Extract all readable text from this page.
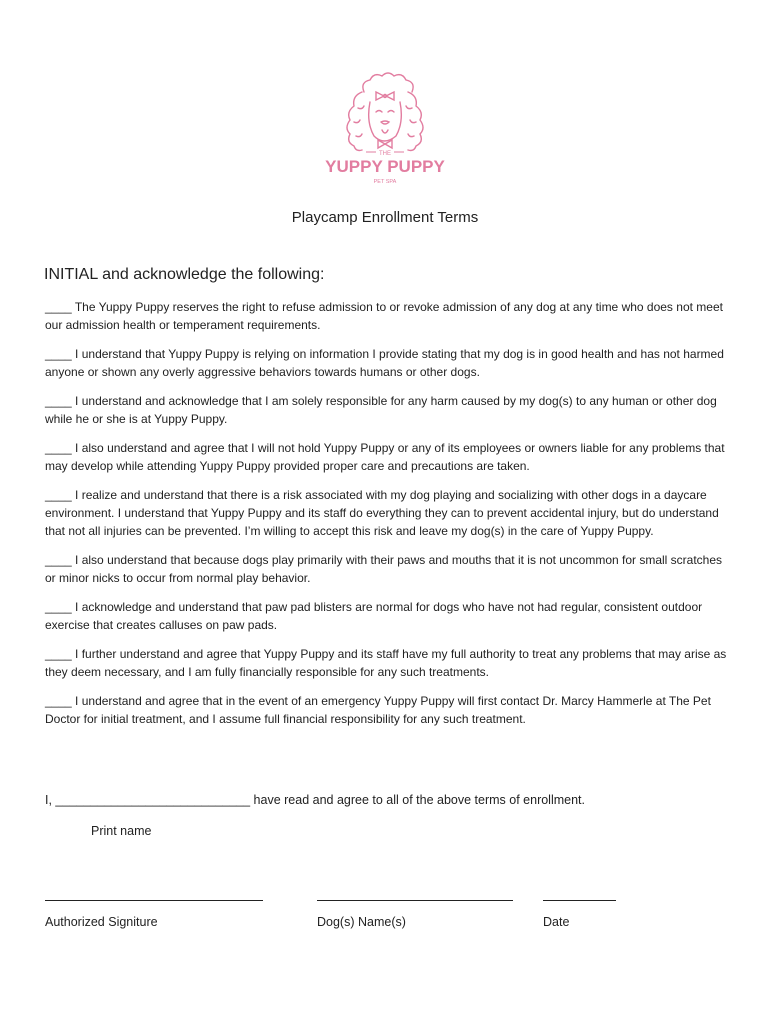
THE
YUPPY PUPPY
PET SPA
Playcamp Enrollment Terms
INITIAL and acknowledge the following:

____ The Yuppy Puppy reserves the right to refuse admission to or revoke admission of any dog at any time who does not meet our admission health or temperament requirements.

____ I understand that Yuppy Puppy is relying on information I provide stating that my dog is in good health and has not harmed anyone or shown any overly aggressive behaviors towards humans or other dogs.

____ I understand and acknowledge that I am solely responsible for any harm caused by my dog(s) to any human or other dog while he or she is at Yuppy Puppy.

____ I also understand and agree that I will not hold Yuppy Puppy or any of its employees or owners liable for any problems that may develop while attending Yuppy Puppy provided proper care and precautions are taken.

____ I realize and understand that there is a risk associated with my dog playing and socializing with other dogs in a daycare environment. I understand that Yuppy Puppy and its staff do everything they can to prevent accidental injury, but do understand that not all injuries can be prevented. I’m willing to accept this risk and leave my dog(s) in the care of Yuppy Puppy.

____ I also understand that because dogs play primarily with their paws and mouths that it is not uncommon for small scratches or minor nicks to occur from normal play behavior.

____ I acknowledge and understand that paw pad blisters are normal for dogs who have not had regular, consistent outdoor exercise that creates calluses on paw pads.

____ I further understand and agree that Yuppy Puppy and its staff have my full authority to treat any problems that may arise as they deem necessary, and I am fully financially responsible for any such treatments.

____ I understand and agree that in the event of an emergency Yuppy Puppy will first contact Dr. Marcy Hammerle at The Pet Doctor for initial treatment, and I assume full financial responsibility for any such treatment.

I, ____________________________ have read and agree to all of the above terms of enrollment.
Print name
Authorized Signiture	Dog(s) Name(s)	Date
